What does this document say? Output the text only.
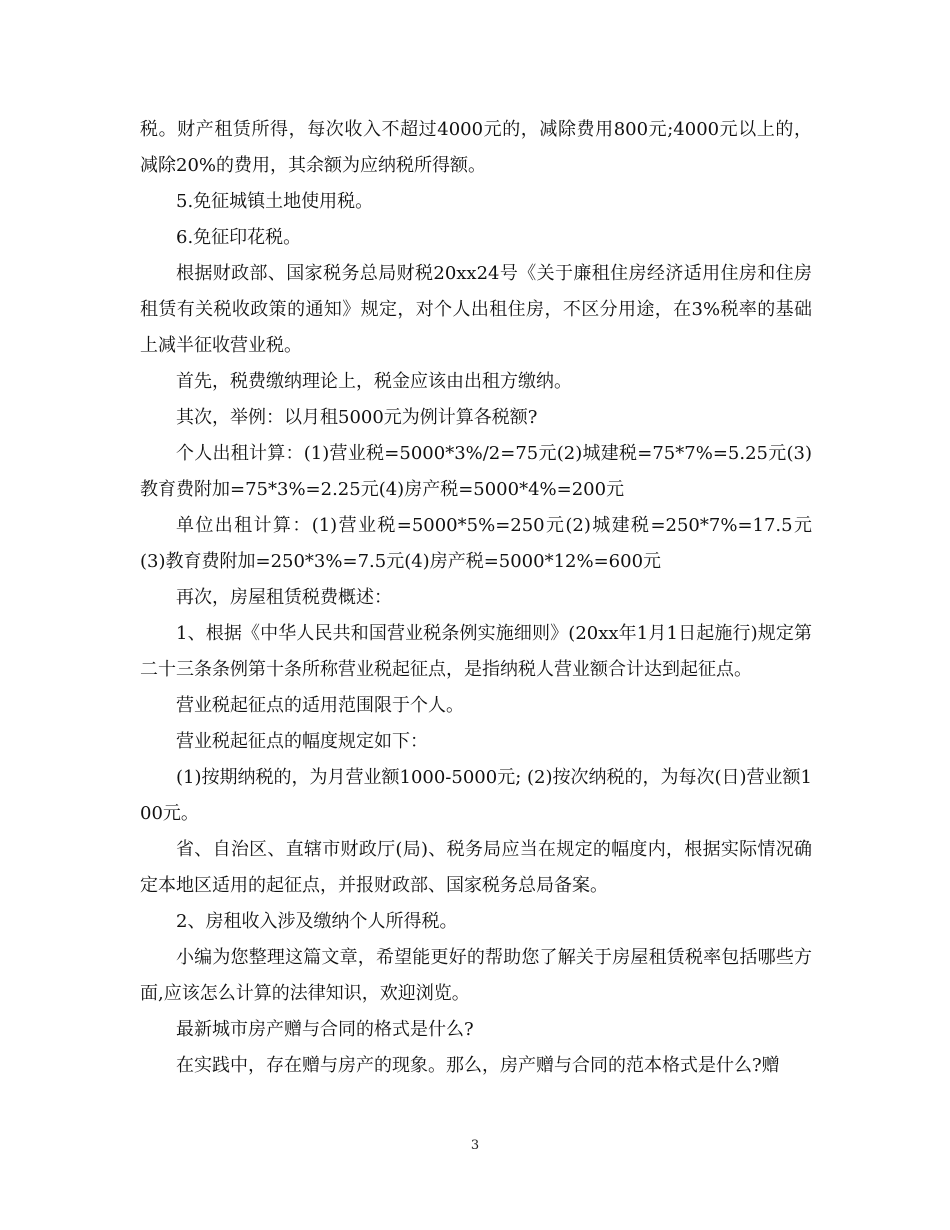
税。财产租赁所得，每次收入不超过4000元的，减除费用800元;4000元以上的，减除20%的费用，其余额为应纳税所得额。

5.免征城镇土地使用税。

6.免征印花税。

根据财政部、国家税务总局财税20xx24号《关于廉租住房经济适用住房和住房租赁有关税收政策的通知》规定，对个人出租住房，不区分用途，在3%税率的基础上减半征收营业税。

首先，税费缴纳理论上，税金应该由出租方缴纳。

其次，举例：以月租5000元为例计算各税额?

个人出租计算：(1)营业税=5000*3%/2=75元(2)城建税=75*7%=5.25元(3)教育费附加=75*3%=2.25元(4)房产税=5000*4%=200元

单位出租计算：(1)营业税=5000*5%=250元(2)城建税=250*7%=17.5元(3)教育费附加=250*3%=7.5元(4)房产税=5000*12%=600元

再次，房屋租赁税费概述：

1、根据《中华人民共和国营业税条例实施细则》(20xx年1月1日起施行)规定第二十三条条例第十条所称营业税起征点，是指纳税人营业额合计达到起征点。

营业税起征点的适用范围限于个人。

营业税起征点的幅度规定如下：

(1)按期纳税的，为月营业额1000-5000元; (2)按次纳税的，为每次(日)营业额100元。

省、自治区、直辖市财政厅(局)、税务局应当在规定的幅度内，根据实际情况确定本地区适用的起征点，并报财政部、国家税务总局备案。

2、房租收入涉及缴纳个人所得税。

小编为您整理这篇文章，希望能更好的帮助您了解关于房屋租赁税率包括哪些方面,应该怎么计算的法律知识，欢迎浏览。

最新城市房产赠与合同的格式是什么?

在实践中，存在赠与房产的现象。那么，房产赠与合同的范本格式是什么?赠

3
